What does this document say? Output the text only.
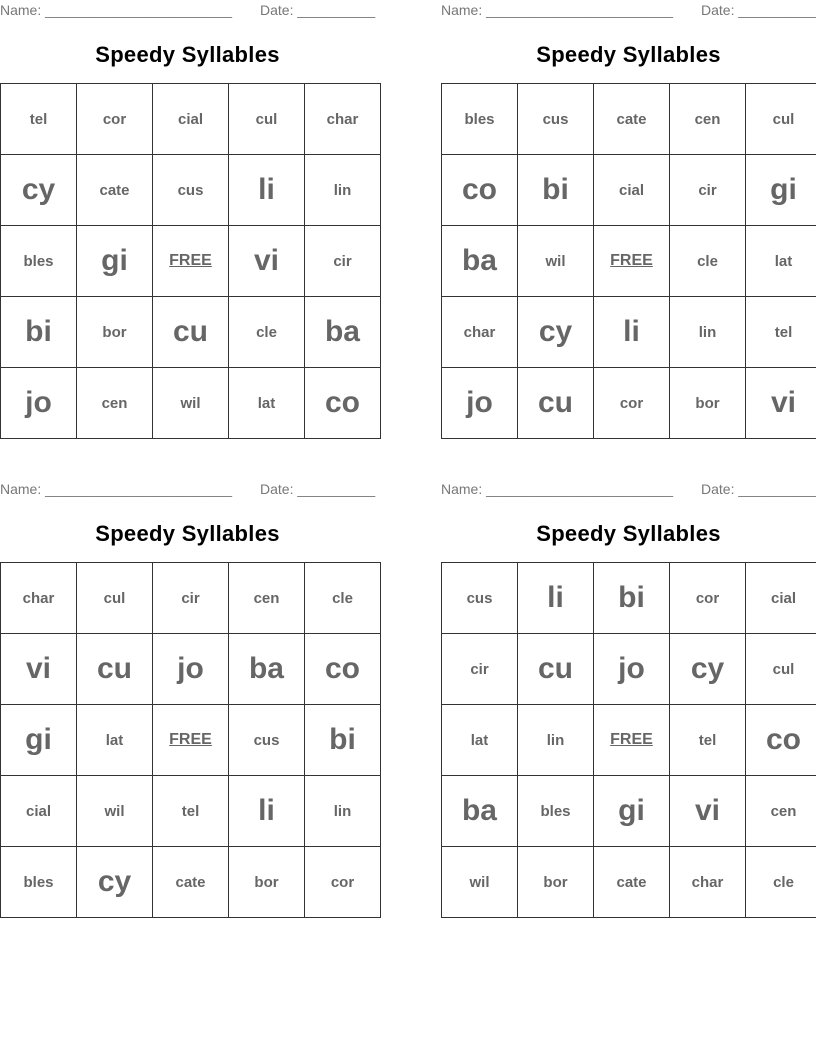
Name: ________________________ Date: __________
Speedy Syllables
tel	cor	cial	cul	char
cy	cate	cus	li	lin
bles	gi	FREE	vi	cir
bi	bor	cu	cle	ba
jo	cen	wil	lat	co
Name: ________________________ Date: __________
Speedy Syllables
bles	cus	cate	cen	cul
co	bi	cial	cir	gi
ba	wil	FREE	cle	lat
char	cy	li	lin	tel
jo	cu	cor	bor	vi
Name: ________________________ Date: __________
Speedy Syllables
char	cul	cir	cen	cle
vi	cu	jo	ba	co
gi	lat	FREE	cus	bi
cial	wil	tel	li	lin
bles	cy	cate	bor	cor
Name: ________________________ Date: __________
Speedy Syllables
cus	li	bi	cor	cial
cir	cu	jo	cy	cul
lat	lin	FREE	tel	co
ba	bles	gi	vi	cen
wil	bor	cate	char	cle
